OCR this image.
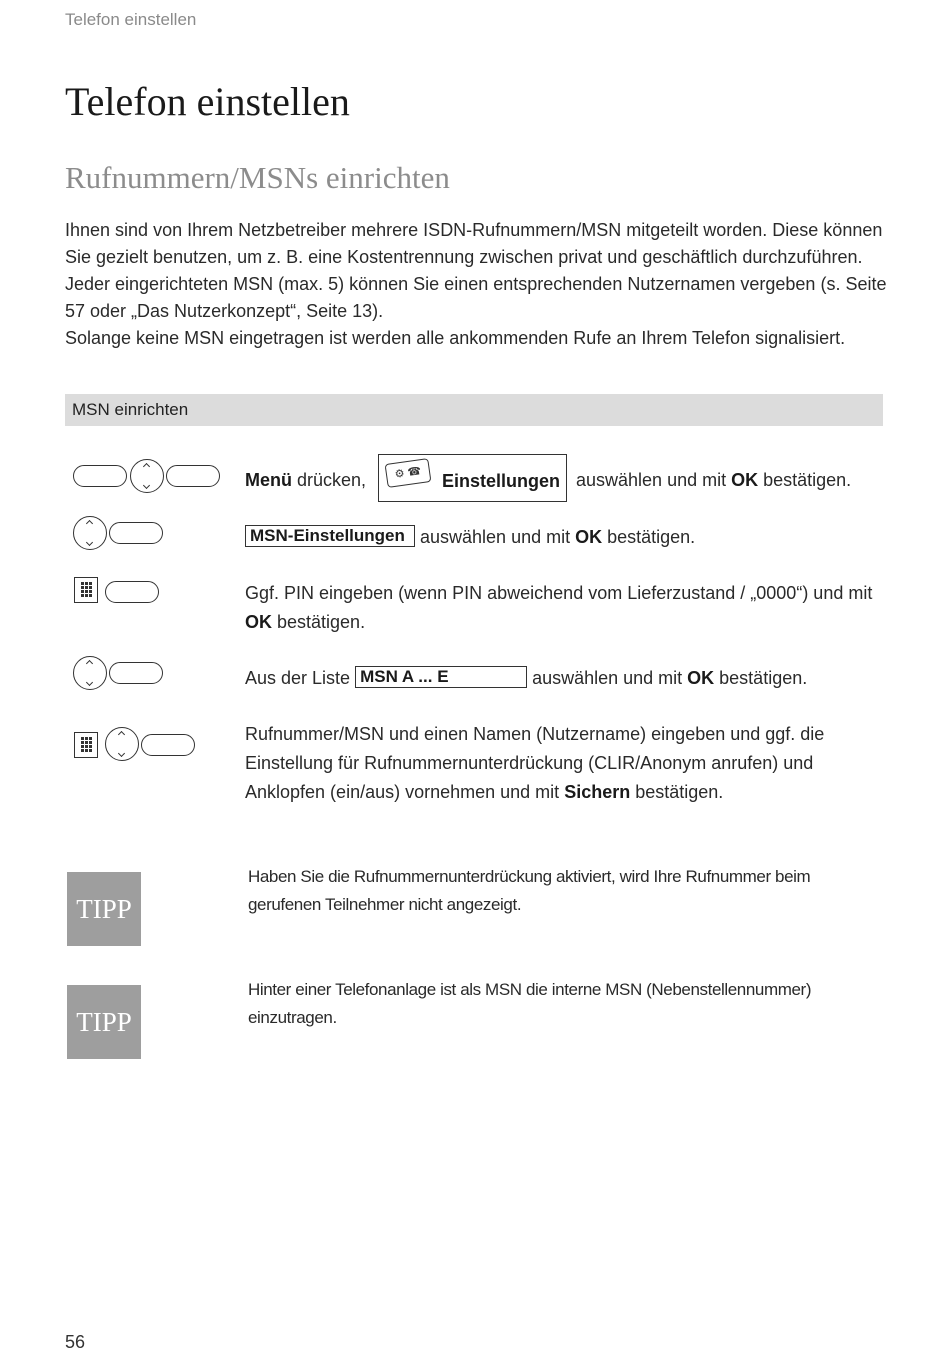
Telefon einstellen
Telefon einstellen
Rufnummern/MSNs einrichten

Ihnen sind von Ihrem Netzbetreiber mehrere ISDN-Rufnummern/MSN mitgeteilt worden. Diese können Sie gezielt benutzen, um z. B. eine Kostentrennung zwischen privat und geschäftlich durchzuführen. Jeder eingerichteten MSN (max. 5) können Sie einen entsprechenden Nutzernamen vergeben (s. Seite 57 oder „Das Nutzerkonzept“, Seite 13).

Solange keine MSN eingetragen ist werden alle ankommenden Rufe an Ihrem Telefon signalisiert.

MSN einrichten
Menü drücken,	⚙ ☎	Einstellungen auswählen und mit OK bestätigen.
MSN-Einstellungen auswählen und mit OK bestätigen.
Ggf. PIN eingeben (wenn PIN abweichend vom Lieferzustand / „0000“) und mit OK bestätigen.
Aus der Liste MSN A ... E	auswählen und mit OK bestätigen.
Rufnummer/MSN und einen Namen (Nutzername) eingeben und ggf. die Einstellung für Rufnummernunterdrückung (CLIR/Anonym anrufen) und Anklopfen (ein/aus) vornehmen und mit Sichern bestätigen.
TIPP
Haben Sie die Rufnummernunterdrückung aktiviert, wird Ihre Rufnummer beim gerufenen Teilnehmer nicht angezeigt.
TIPP
Hinter einer Telefonanlage ist als MSN die interne MSN (Nebenstellennummer) einzutragen.
56
